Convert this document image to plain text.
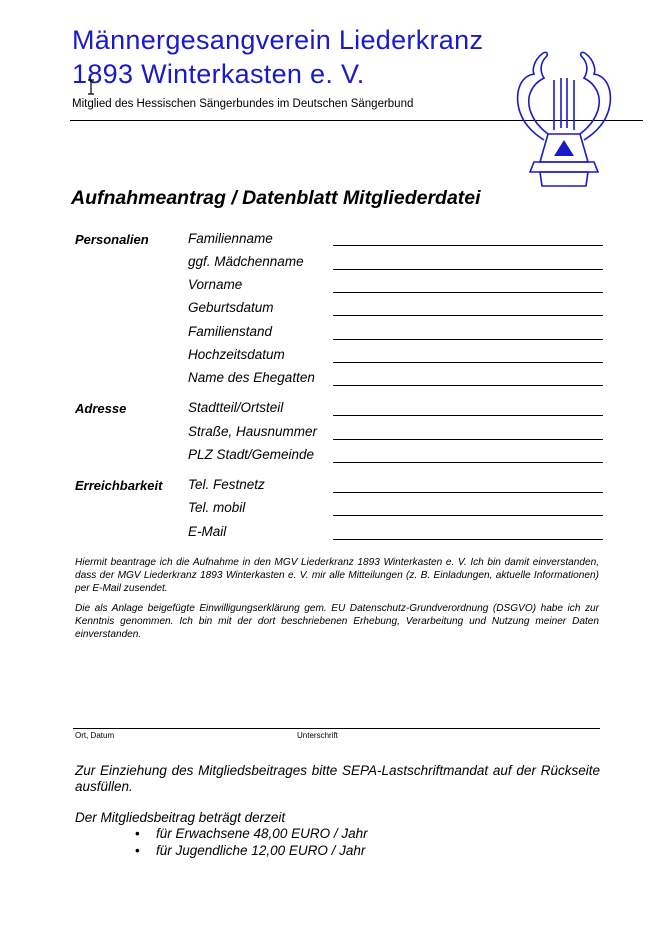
Männergesangverein Liederkranz
1893 Winterkasten e. V.
Mitglied des Hessischen Sängerbundes im Deutschen Sängerbund
Aufnahmeantrag / Datenblatt Mitgliederdatei
Personalien	Familienname
ggf. Mädchenname
Vorname
Geburtsdatum
Familienstand
Hochzeitsdatum
Name des Ehegatten
Adresse	Stadtteil/Ortsteil
Straße, Hausnummer
PLZ Stadt/Gemeinde
Erreichbarkeit Tel. Festnetz
Tel. mobil
E-Mail
Hiermit beantrage ich die Aufnahme in den MGV Liederkranz 1893 Winterkasten e. V. Ich bin damit einverstanden, dass der MGV Liederkranz 1893 Winterkasten e. V. mir alle Mitteilungen (z. B. Einladungen, aktuelle Informationen) per E-Mail zusendet.
Die als Anlage beigefügte Einwilligungserklärung gem. EU Datenschutz-Grundverordnung (DSGVO) habe ich zur Kenntnis genommen. Ich bin mit der dort beschriebenen Erhebung, Verarbeitung und Nutzung meiner Daten einverstanden.
Ort, Datum	Unterschrift
Zur Einziehung des Mitgliedsbeitrages bitte SEPA-Lastschriftmandat auf der Rückseite ausfüllen.
Der Mitgliedsbeitrag beträgt derzeit
• für Erwachsene 48,00 EURO / Jahr
• für Jugendliche 12,00 EURO / Jahr
